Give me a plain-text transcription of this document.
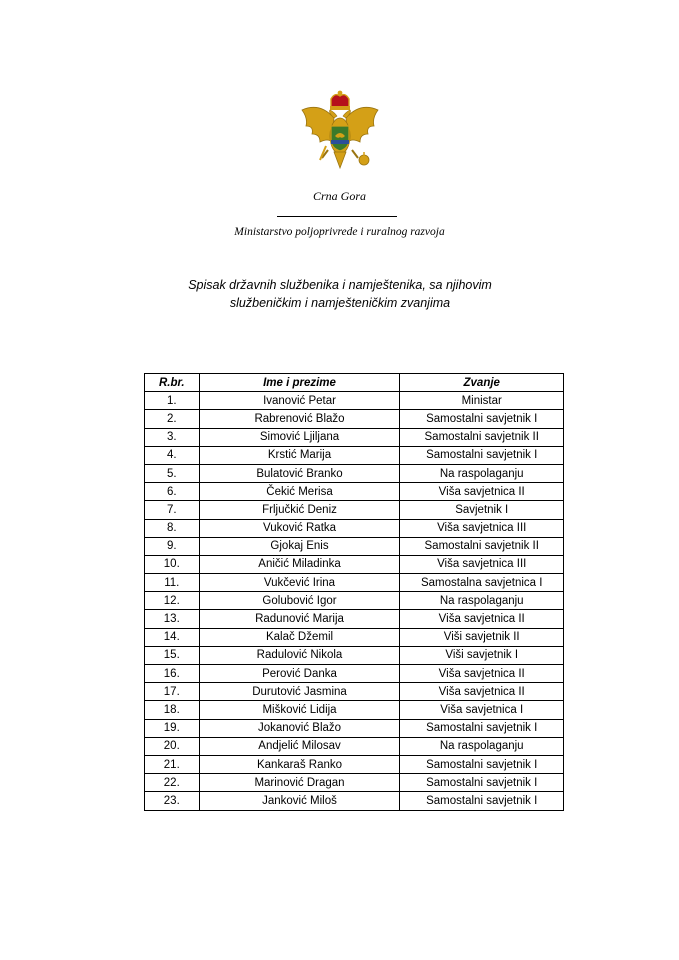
Crna Gora
Ministarstvo poljoprivrede i ruralnog razvoja
Spisak državnih službenika i namještenika, sa njihovim
službeničkim i namješteničkim zvanjima
R.br.	Ime i prezime	Zvanje
1.	Ivanović Petar	Ministar
2.	Rabrenović Blažo	Samostalni savjetnik I
3.	Simović Ljiljana	Samostalni savjetnik II
4.	Krstić Marija	Samostalni savjetnik I
5.	Bulatović Branko	Na raspolaganju
6.	Čekić Merisa	Viša savjetnica II
7.	Frljučkić Deniz	Savjetnik I
8.	Vuković Ratka	Viša savjetnica III
9.	Gjokaj Enis	Samostalni savjetnik II
10.	Aničić Miladinka	Viša savjetnica III
11.	Vukčević Irina	Samostalna savjetnica I
12.	Golubović Igor	Na raspolaganju
13.	Radunović Marija	Viša savjetnica II
14.	Kalač Džemil	Viši savjetnik II
15.	Radulović Nikola	Viši savjetnik I
16.	Perović Danka	Viša savjetnica II
17.	Durutović Jasmina	Viša savjetnica II
18.	Mišković Lidija	Viša savjetnica I
19.	Jokanović Blažo	Samostalni savjetnik I
20.	Andjelić Milosav	Na raspolaganju
21.	Kankaraš Ranko	Samostalni savjetnik I
22.	Marinović Dragan	Samostalni savjetnik I
23.	Janković Miloš	Samostalni savjetnik I
